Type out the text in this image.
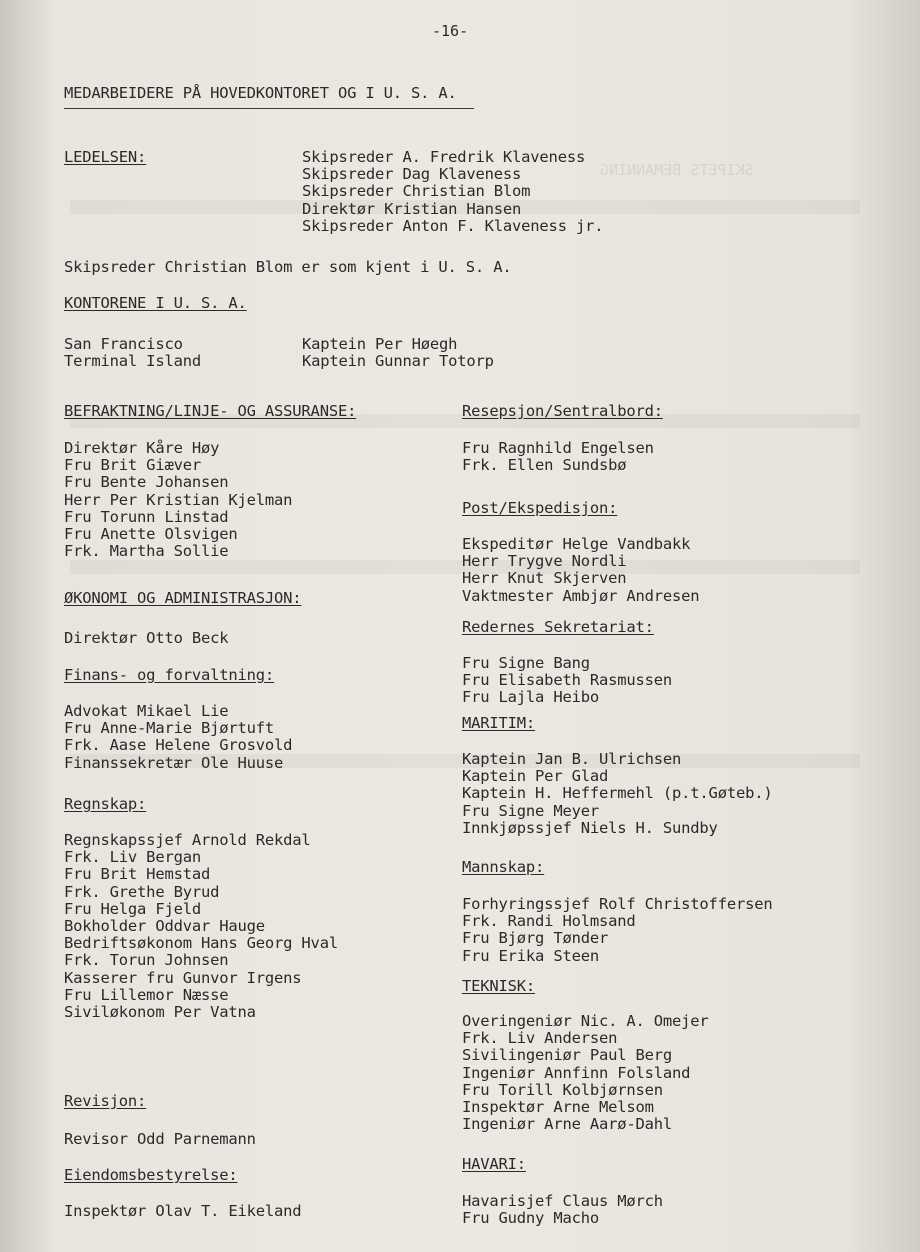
SKIPETS BEMANNING
-16-
MEDARBEIDERE PÅ HOVEDKONTORET OG I U. S. A.
LEDELSEN:	Skipsreder A. Fredrik Klaveness
Skipsreder Dag Klaveness
Skipsreder Christian Blom
Direktør Kristian Hansen
Skipsreder Anton F. Klaveness jr.
Skipsreder Christian Blom er som kjent i U. S. A.
KONTORENE I U. S. A.
San Francisco	Kaptein Per Høegh
Terminal Island	Kaptein Gunnar Totorp
BEFRAKTNING/LINJE- OG ASSURANSE:
Direktør Kåre Høy
Fru Brit Giæver
Fru Bente Johansen
Herr Per Kristian Kjelman
Fru Torunn Linstad
Fru Anette Olsvigen
Frk. Martha Sollie
ØKONOMI OG ADMINISTRASJON:
Direktør Otto Beck
Finans- og forvaltning:
Advokat Mikael Lie
Fru Anne-Marie Bjørtuft
Frk. Aase Helene Grosvold
Finanssekretær Ole Huuse
Regnskap:
Regnskapssjef Arnold Rekdal
Frk. Liv Bergan
Fru Brit Hemstad
Frk. Grethe Byrud
Fru Helga Fjeld
Bokholder Oddvar Hauge
Bedriftsøkonom Hans Georg Hval
Frk. Torun Johnsen
Kasserer fru Gunvor Irgens
Fru Lillemor Næsse
Siviløkonom Per Vatna
Revisjon:
Revisor Odd Parnemann
Eiendomsbestyrelse:
Inspektør Olav T. Eikeland
Resepsjon/Sentralbord:
Fru Ragnhild Engelsen
Frk. Ellen Sundsbø
Post/Ekspedisjon:
Ekspeditør Helge Vandbakk
Herr Trygve Nordli
Herr Knut Skjerven
Vaktmester Ambjør Andresen
Redernes Sekretariat:
Fru Signe Bang
Fru Elisabeth Rasmussen
Fru Lajla Heibo
MARITIM:
Kaptein Jan B. Ulrichsen
Kaptein Per Glad
Kaptein H. Heffermehl (p.t.Gøteb.)
Fru Signe Meyer
Innkjøpssjef Niels H. Sundby
Mannskap:
Forhyringssjef Rolf Christoffersen
Frk. Randi Holmsand
Fru Bjørg Tønder
Fru Erika Steen
TEKNISK:
Overingeniør Nic. A. Omejer
Frk. Liv Andersen
Sivilingeniør Paul Berg
Ingeniør Annfinn Folsland
Fru Torill Kolbjørnsen
Inspektør Arne Melsom
Ingeniør Arne Aarø-Dahl
HAVARI:
Havarisjef Claus Mørch
Fru Gudny Macho
